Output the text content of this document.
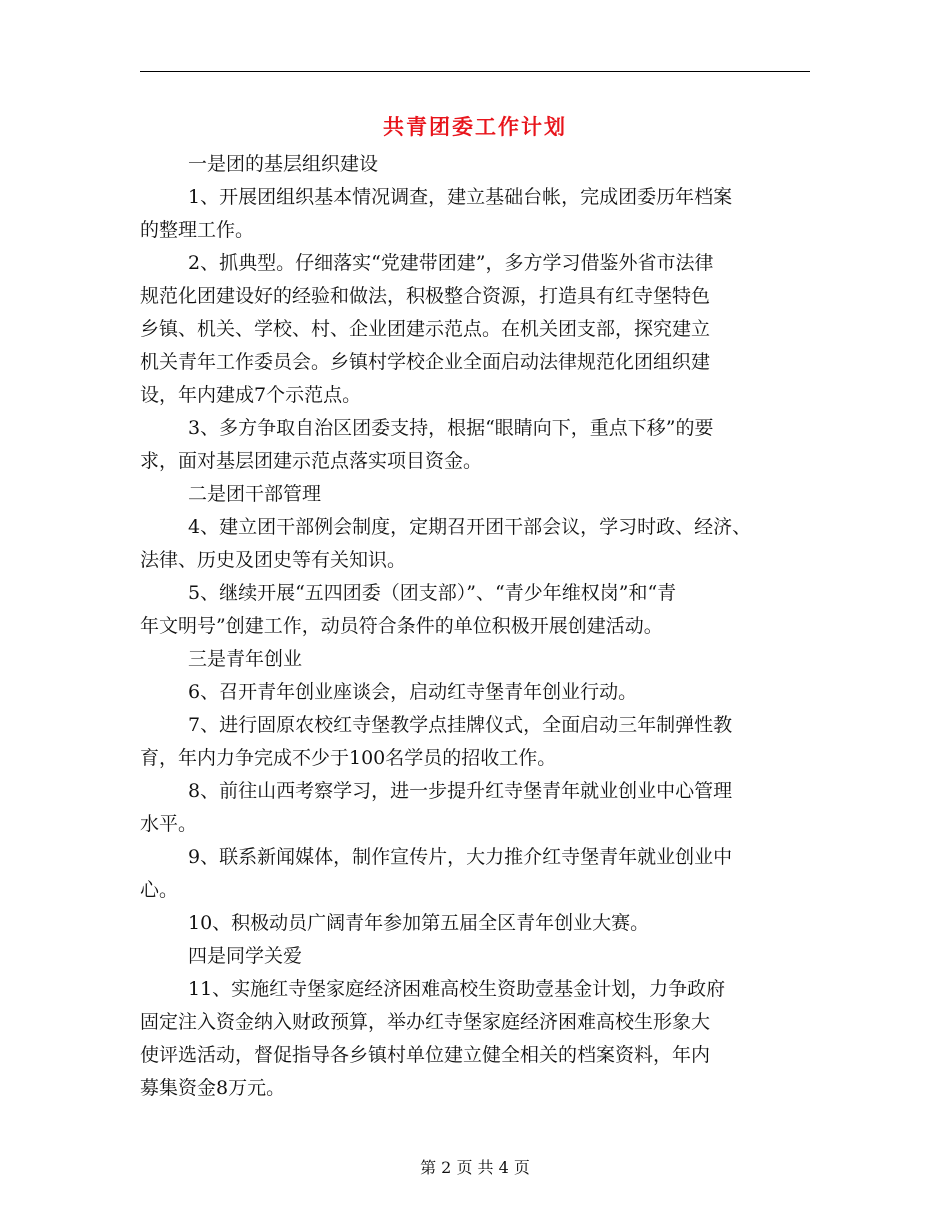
共青团委工作计划
一是团的基层组织建设
1、开展团组织基本情况调查，建立基础台帐，完成团委历年档案
的整理工作。
2、抓典型。仔细落实“党建带团建”，多方学习借鉴外省市法律
规范化团建设好的经验和做法，积极整合资源，打造具有红寺堡特色
乡镇、机关、学校、村、企业团建示范点。在机关团支部，探究建立
机关青年工作委员会。乡镇村学校企业全面启动法律规范化团组织建
设，年内建成7个示范点。
3、多方争取自治区团委支持，根据“眼睛向下，重点下移”的要
求，面对基层团建示范点落实项目资金。
二是团干部管理
4、建立团干部例会制度，定期召开团干部会议，学习时政、经济、
法律、历史及团史等有关知识。
5、继续开展“五四团委（团支部）”、“青少年维权岗”和“青
年文明号”创建工作，动员符合条件的单位积极开展创建活动。
三是青年创业
6、召开青年创业座谈会，启动红寺堡青年创业行动。
7、进行固原农校红寺堡教学点挂牌仪式，全面启动三年制弹性教
育，年内力争完成不少于100名学员的招收工作。
8、前往山西考察学习，进一步提升红寺堡青年就业创业中心管理
水平。
9、联系新闻媒体，制作宣传片，大力推介红寺堡青年就业创业中
心。
10、积极动员广阔青年参加第五届全区青年创业大赛。
四是同学关爱
11、实施红寺堡家庭经济困难高校生资助壹基金计划，力争政府
固定注入资金纳入财政预算，举办红寺堡家庭经济困难高校生形象大
使评选活动，督促指导各乡镇村单位建立健全相关的档案资料，年内
募集资金8万元。
第 2 页 共 4 页
